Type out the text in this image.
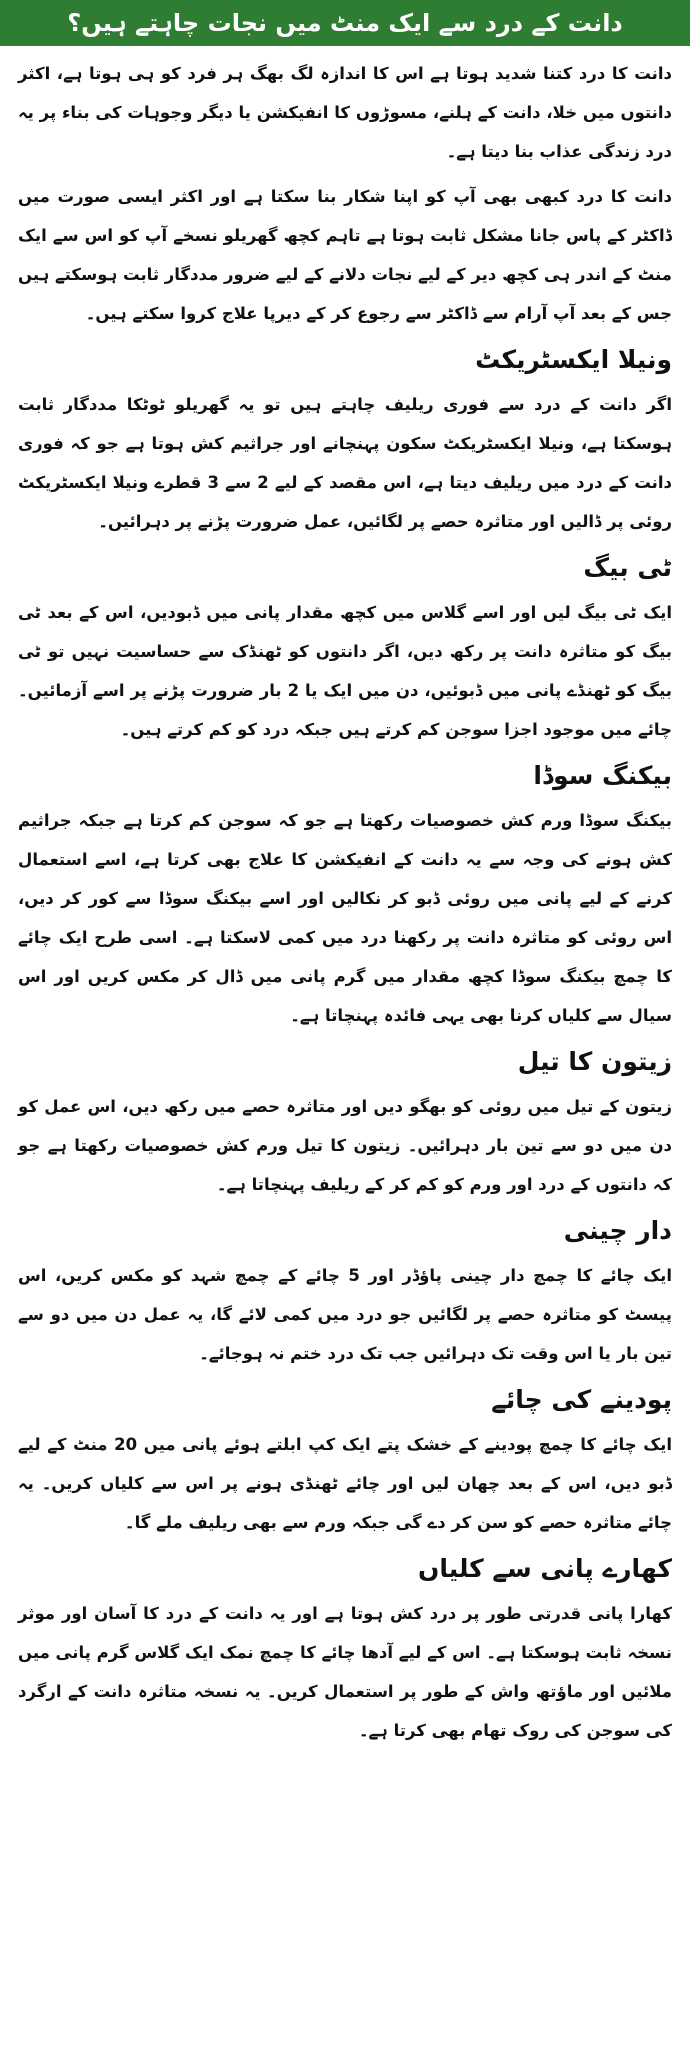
دانت کے درد سے ایک منٹ میں نجات چاہتے ہیں؟

دانت کا درد کتنا شدید ہوتا ہے اس کا اندازہ لگ بھگ ہر فرد کو ہی ہوتا ہے، اکثر دانتوں میں خلا، دانت کے ہلنے، مسوڑوں کا انفیکشن یا دیگر وجوہات کی بناء پر یہ درد زندگی عذاب بنا دیتا ہے۔

دانت کا درد کبھی بھی آپ کو اپنا شکار بنا سکتا ہے اور اکثر ایسی صورت میں ڈاکٹر کے پاس جانا مشکل ثابت ہوتا ہے تاہم کچھ گھریلو نسخے آپ کو اس سے ایک منٹ کے اندر ہی کچھ دیر کے لیے نجات دلانے کے لیے ضرور مددگار ثابت ہوسکتے ہیں جس کے بعد آپ آرام سے ڈاکٹر سے رجوع کر کے دیرپا علاج کروا سکتے ہیں۔

ونیلا ایکسٹریکٹ

اگر دانت کے درد سے فوری ریلیف چاہتے ہیں تو یہ گھریلو ٹوٹکا مددگار ثابت ہوسکتا ہے، ونیلا ایکسٹریکٹ سکون پہنچانے اور جراثیم کش ہوتا ہے جو کہ فوری دانت کے درد میں ریلیف دیتا ہے، اس مقصد کے لیے 2 سے 3 قطرے ونیلا ایکسٹریکٹ روئی پر ڈالیں اور متاثرہ حصے پر لگائیں، عمل ضرورت پڑنے پر دہرائیں۔

ٹی بیگ

ایک ٹی بیگ لیں اور اسے گلاس میں کچھ مقدار پانی میں ڈبودیں، اس کے بعد ٹی بیگ کو متاثرہ دانت پر رکھ دیں، اگر دانتوں کو ٹھنڈک سے حساسیت نہیں تو ٹی بیگ کو ٹھنڈے پانی میں ڈبوئیں، دن میں ایک یا 2 بار ضرورت پڑنے پر اسے آزمائیں۔ چائے میں موجود اجزا سوجن کم کرتے ہیں جبکہ درد کو کم کرتے ہیں۔

بیکنگ سوڈا

بیکنگ سوڈا ورم کش خصوصیات رکھتا ہے جو کہ سوجن کم کرتا ہے جبکہ جراثیم کش ہونے کی وجہ سے یہ دانت کے انفیکشن کا علاج بھی کرتا ہے، اسے استعمال کرنے کے لیے پانی میں روئی ڈبو کر نکالیں اور اسے بیکنگ سوڈا سے کور کر دیں، اس روئی کو متاثرہ دانت پر رکھنا درد میں کمی لاسکتا ہے۔ اسی طرح ایک چائے کا چمچ بیکنگ سوڈا کچھ مقدار میں گرم پانی میں ڈال کر مکس کریں اور اس سیال سے کلیاں کرنا بھی یہی فائدہ پہنچاتا ہے۔

زیتون کا تیل

زیتون کے تیل میں روئی کو بھگو دیں اور متاثرہ حصے میں رکھ دیں، اس عمل کو دن میں دو سے تین بار دہرائیں۔ زیتون کا تیل ورم کش خصوصیات رکھتا ہے جو کہ دانتوں کے درد اور ورم کو کم کر کے ریلیف پہنچاتا ہے۔

دار چینی

ایک چائے کا چمچ دار چینی پاؤڈر اور 5 چائے کے چمچ شہد کو مکس کریں، اس پیسٹ کو متاثرہ حصے پر لگائیں جو درد میں کمی لائے گا، یہ عمل دن میں دو سے تین بار یا اس وقت تک دہرائیں جب تک درد ختم نہ ہوجائے۔

پودینے کی چائے

ایک چائے کا چمچ پودینے کے خشک پتے ایک کپ ابلتے ہوئے پانی میں 20 منٹ کے لیے ڈبو دیں، اس کے بعد چھان لیں اور چائے ٹھنڈی ہونے پر اس سے کلیاں کریں۔ یہ چائے متاثرہ حصے کو سن کر دے گی جبکہ ورم سے بھی ریلیف ملے گا۔

کھارے پانی سے کلیاں

کھارا پانی قدرتی طور پر درد کش ہوتا ہے اور یہ دانت کے درد کا آسان اور موثر نسخہ ثابت ہوسکتا ہے۔ اس کے لیے آدھا چائے کا چمچ نمک ایک گلاس گرم پانی میں ملائیں اور ماؤتھ واش کے طور پر استعمال کریں۔ یہ نسخہ متاثرہ دانت کے ارگرد کی سوجن کی روک تھام بھی کرتا ہے۔
